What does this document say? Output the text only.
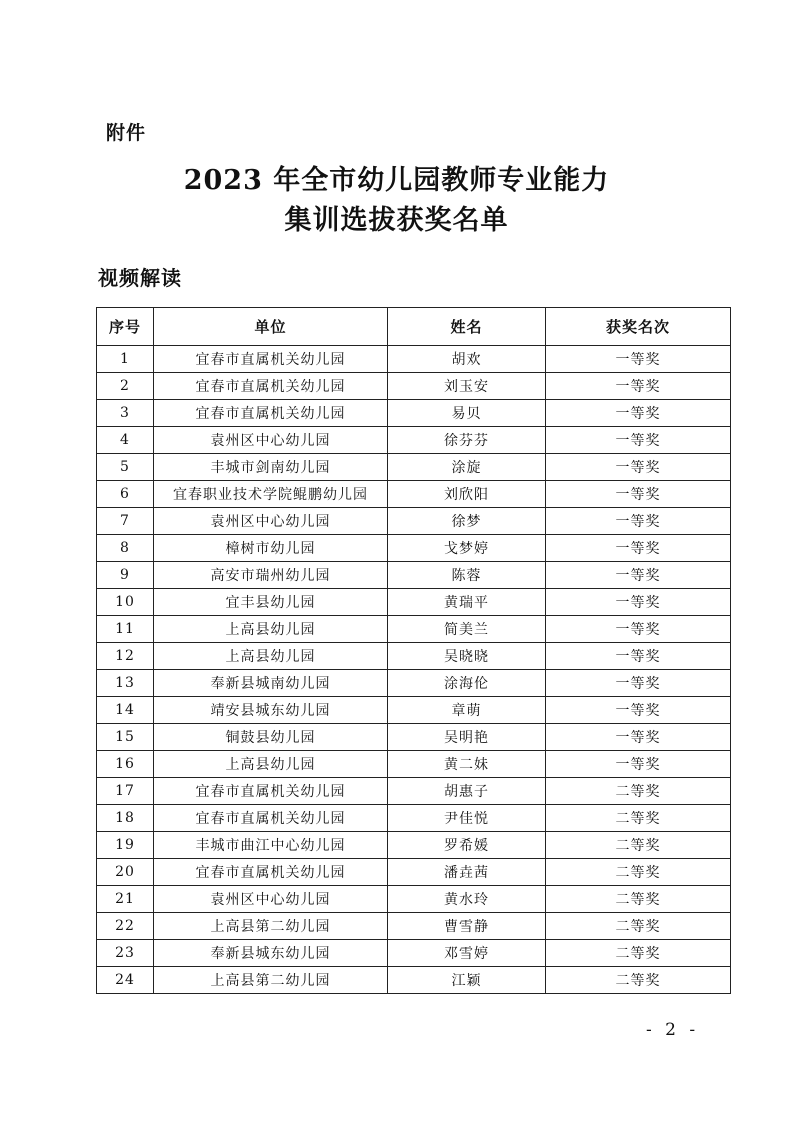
附件
2023 年全市幼儿园教师专业能力
集训选拔获奖名单
视频解读
序号	单位	姓名	获奖名次
1	宜春市直属机关幼儿园	胡欢	一等奖
2	宜春市直属机关幼儿园	刘玉安	一等奖
3	宜春市直属机关幼儿园	易贝	一等奖
4	袁州区中心幼儿园	徐芬芬	一等奖
5	丰城市剑南幼儿园	涂旋	一等奖
6	宜春职业技术学院鲲鹏幼儿园	刘欣阳	一等奖
7	袁州区中心幼儿园	徐梦	一等奖
8	樟树市幼儿园	戈梦婷	一等奖
9	高安市瑞州幼儿园	陈蓉	一等奖
10	宜丰县幼儿园	黄瑞平	一等奖
11	上高县幼儿园	简美兰	一等奖
12	上高县幼儿园	吴晓晓	一等奖
13	奉新县城南幼儿园	涂海伦	一等奖
14	靖安县城东幼儿园	章萌	一等奖
15	铜鼓县幼儿园	吴明艳	一等奖
16	上高县幼儿园	黄二妹	一等奖
17	宜春市直属机关幼儿园	胡惠子	二等奖
18	宜春市直属机关幼儿园	尹佳悦	二等奖
19	丰城市曲江中心幼儿园	罗希媛	二等奖
20	宜春市直属机关幼儿园	潘垚茜	二等奖
21	袁州区中心幼儿园	黄水玲	二等奖
22	上高县第二幼儿园	曹雪静	二等奖
23	奉新县城东幼儿园	邓雪婷	二等奖
24	上高县第二幼儿园	江颖	二等奖
- 2 -
